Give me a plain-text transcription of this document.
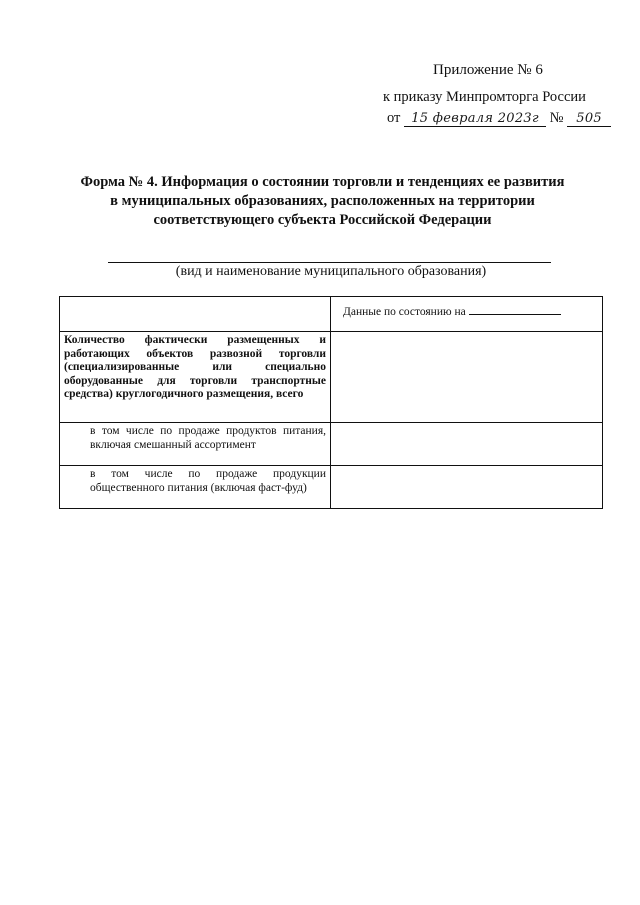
Приложение № 6
к приказу Минпромторга России
от 15 февраля 2023г № 505
Форма № 4. Информация о состоянии торговли и тенденциях ее развития
в муниципальных образованиях, расположенных на территории
соответствующего субъекта Российской Федерации
(вид и наименование муниципального образования)
	Данные по состоянию на
Количество фактически размещенных и работающих объектов развозной торговли (специализированные или специально оборудованные для торговли транспортные средства) круглогодичного размещения, всего	
в том числе по продаже продуктов питания, включая смешанный ассортимент	
в том числе по продаже продукции общественного питания (включая фаст-фуд)	
